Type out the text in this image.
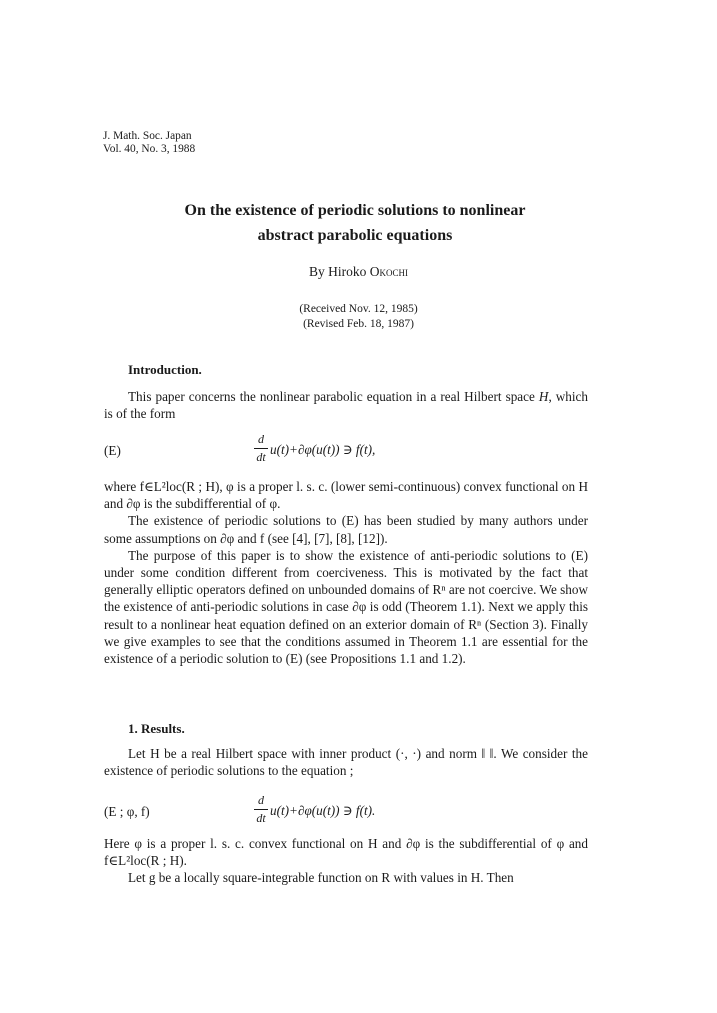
J. Math. Soc. Japan
Vol. 40, No. 3, 1988
On the existence of periodic solutions to nonlinear
abstract parabolic equations
By Hiroko Okochi
(Received Nov. 12, 1985)
(Revised Feb. 18, 1987)
Introduction.

This paper concerns the nonlinear parabolic equation in a real Hilbert space H, which is of the form

(E)
d
dt u(t)+∂φ(u(t)) ∋ f(t),

where f∈L²loc(R ; H), φ is a proper l. s. c. (lower semi-continuous) convex functional on H and ∂φ is the subdifferential of φ.

The existence of periodic solutions to (E) has been studied by many authors under some assumptions on ∂φ and f (see [4], [7], [8], [12]).

The purpose of this paper is to show the existence of anti-periodic solutions to (E) under some condition different from coerciveness. This is motivated by the fact that generally elliptic operators defined on unbounded domains of Rⁿ are not coercive. We show the existence of anti-periodic solutions in case ∂φ is odd (Theorem 1.1). Next we apply this result to a nonlinear heat equation defined on an exterior domain of Rⁿ (Section 3). Finally we give examples to see that the conditions assumed in Theorem 1.1 are essential for the existence of a periodic solution to (E) (see Propositions 1.1 and 1.2).

1. Results.

Let H be a real Hilbert space with inner product (·, ·) and norm ‖ ‖. We consider the existence of periodic solutions to the equation ;

(E ; φ, f)
d
dt u(t)+∂φ(u(t)) ∋ f(t).

Here φ is a proper l. s. c. convex functional on H and ∂φ is the subdifferential of φ and f∈L²loc(R ; H).

Let g be a locally square-integrable function on R with values in H. Then
